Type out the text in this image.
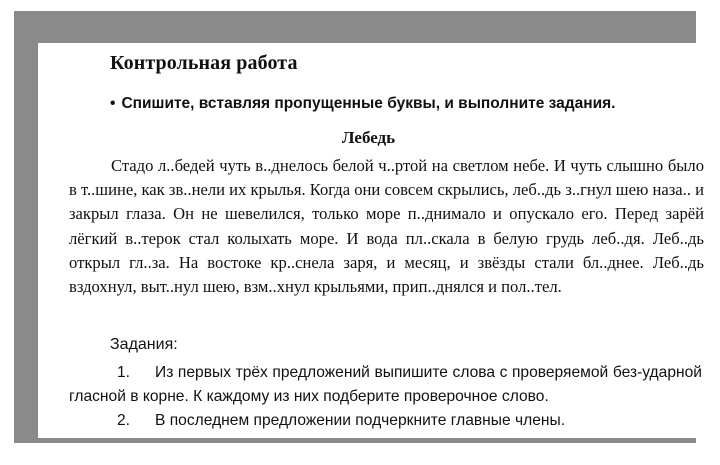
Контрольная работа
• Спишите, вставляя пропущенные буквы, и выполните задания.
Лебедь

Стадо л..бедей чуть в..днелось белой ч..ртой на светлом небе. И чуть слышно было в т..шине, как зв..нели их крылья. Когда они совсем скрылись, леб..дь з..гнул шею наза.. и закрыл глаза. Он не шевелился, только море п..днимало и опускало его. Перед зарёй лёгкий в..терок стал колыхать море. И вода пл..скала в белую грудь леб..дя. Леб..дь открыл гл..за. На востоке кр..снела заря, и месяц, и звёзды стали бл..днее. Леб..дь вздохнул, выт..нул шею, взм..хнул крыльями, прип..днялся и пол..тел.

Задания:
1. Из первых трёх предложений выпишите слова с проверяемой без-ударной гласной в корне. К каждому из них подберите проверочное слово.
2. В последнем предложении подчеркните главные члены.
